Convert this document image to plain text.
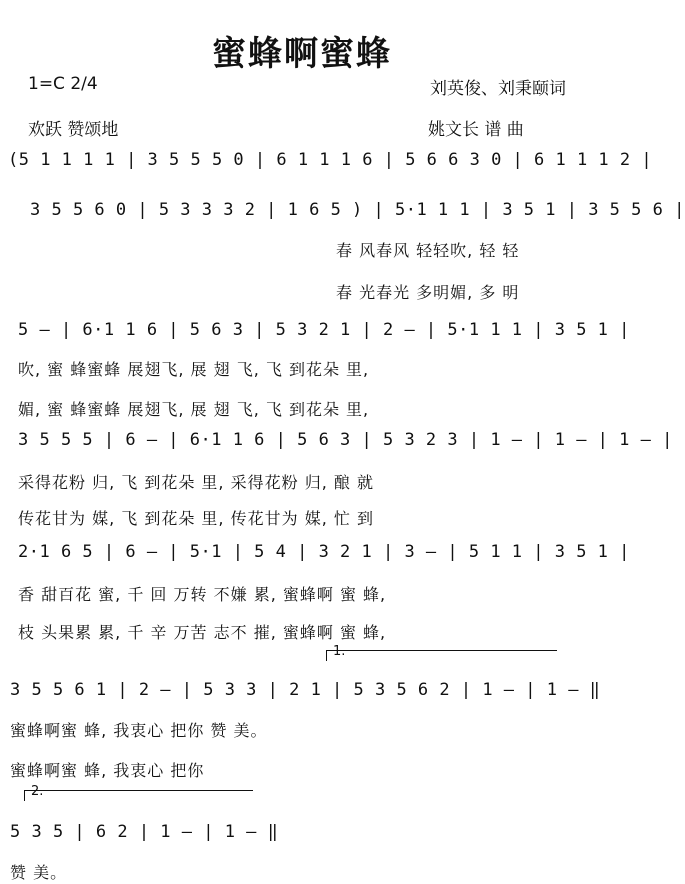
蜜蜂啊蜜蜂
1=C 2/4	刘英俊、刘秉颐词
欢跃 赞颂地	姚文长 谱 曲
(5 1 1 1 1 | 3 5 5 5 0 | 6 1 1 1 6 | 5 6 6 3 0 | 6 1 1 1 2 |
3 5 5 6 0 | 5 3 3 3 2 | 1 6 5 ) | 5·1 1 1 | 3 5 1 | 3 5 5 6 |
春 风春风 轻轻吹, 轻 轻
春 光春光 多明媚, 多 明
5 — | 6·1 1 6 | 5 6 3 | 5 3 2 1 | 2 — | 5·1 1 1 | 3 5 1 |
吹, 蜜 蜂蜜蜂 展翅飞, 展 翅 飞, 飞 到花朵 里,
媚, 蜜 蜂蜜蜂 展翅飞, 展 翅 飞, 飞 到花朵 里,
3 5 5 5 | 6 — | 6·1 1 6 | 5 6 3 | 5 3 2 3 | 1 — | 1 — | 1 — |
采得花粉 归, 飞 到花朵 里, 采得花粉 归, 酿 就
传花甘为 媒, 飞 到花朵 里, 传花甘为 媒, 忙 到
2·1 6 5 | 6 — | 5·1 | 5 4 | 3 2 1 | 3 — | 5 1 1 | 3 5 1 |
香 甜百花 蜜, 千 回 万转 不嫌 累, 蜜蜂啊 蜜 蜂,
枝 头果累 累, 千 辛 万苦 志不 摧, 蜜蜂啊 蜜 蜂,
1.
3 5 5 6 1 | 2 — | 5 3 3 | 2 1 | 5 3 5 6 2 | 1 — | 1 — ‖
蜜蜂啊蜜 蜂, 我衷心 把你 赞 美。
蜜蜂啊蜜 蜂, 我衷心 把你
2.
5 3 5 | 6 2 | 1 — | 1 — ‖
赞 美。
